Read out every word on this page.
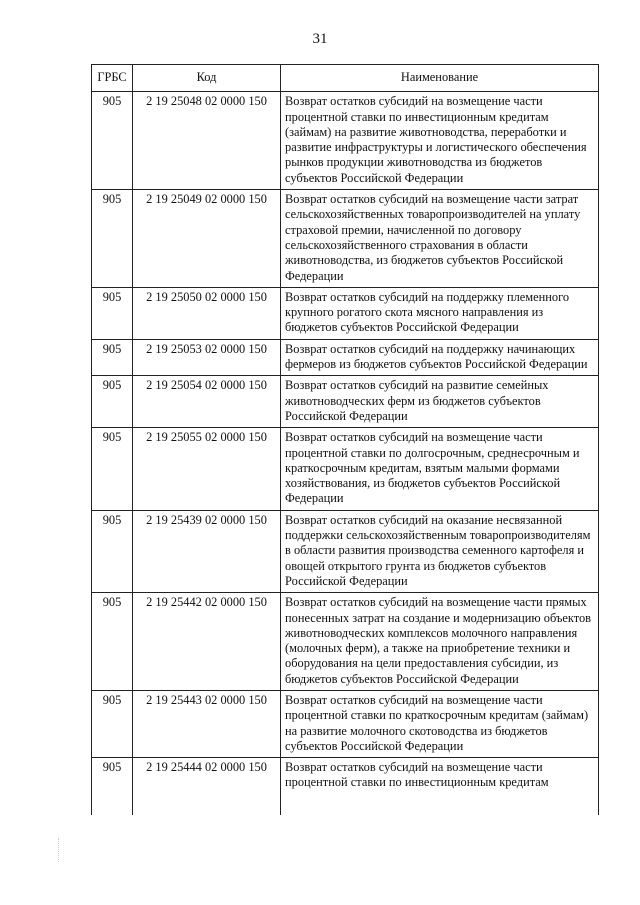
31
ГРБС	Код	Наименование
905	2 19 25048 02 0000 150	Возврат остатков субсидий на возмещение части процентной ставки по инвестиционным кредитам (займам) на развитие животноводства, переработки и развитие инфраструктуры и логистического обеспечения рынков продукции животноводства из бюджетов субъектов Российской Федерации
905	2 19 25049 02 0000 150	Возврат остатков субсидий на возмещение части затрат сельскохозяйственных товаропроизводителей на уплату страховой премии, начисленной по договору сельскохозяйственного страхования в области животноводства, из бюджетов субъектов Российской Федерации
905	2 19 25050 02 0000 150	Возврат остатков субсидий на поддержку племенного крупного рогатого скота мясного направления из бюджетов субъектов Российской Федерации
905	2 19 25053 02 0000 150	Возврат остатков субсидий на поддержку начинающих фермеров из бюджетов субъектов Российской Федерации
905	2 19 25054 02 0000 150	Возврат остатков субсидий на развитие семейных животноводческих ферм из бюджетов субъектов Российской Федерации
905	2 19 25055 02 0000 150	Возврат остатков субсидий на возмещение части процентной ставки по долгосрочным, среднесрочным и краткосрочным кредитам, взятым малыми формами хозяйствования, из бюджетов субъектов Российской Федерации
905	2 19 25439 02 0000 150	Возврат остатков субсидий на оказание несвязанной поддержки сельскохозяйственным товаропроизводителям в области развития производства семенного картофеля и овощей открытого грунта из бюджетов субъектов Российской Федерации
905	2 19 25442 02 0000 150	Возврат остатков субсидий на возмещение части прямых понесенных затрат на создание и модернизацию объектов животноводческих комплексов молочного направления (молочных ферм), а также на приобретение техники и оборудования на цели предоставления субсидии, из бюджетов субъектов Российской Федерации
905	2 19 25443 02 0000 150	Возврат остатков субсидий на возмещение части процентной ставки по краткосрочным кредитам (займам) на развитие молочного скотоводства из бюджетов субъектов Российской Федерации
905	2 19 25444 02 0000 150	Возврат остатков субсидий на возмещение части процентной ставки по инвестиционным кредитам
